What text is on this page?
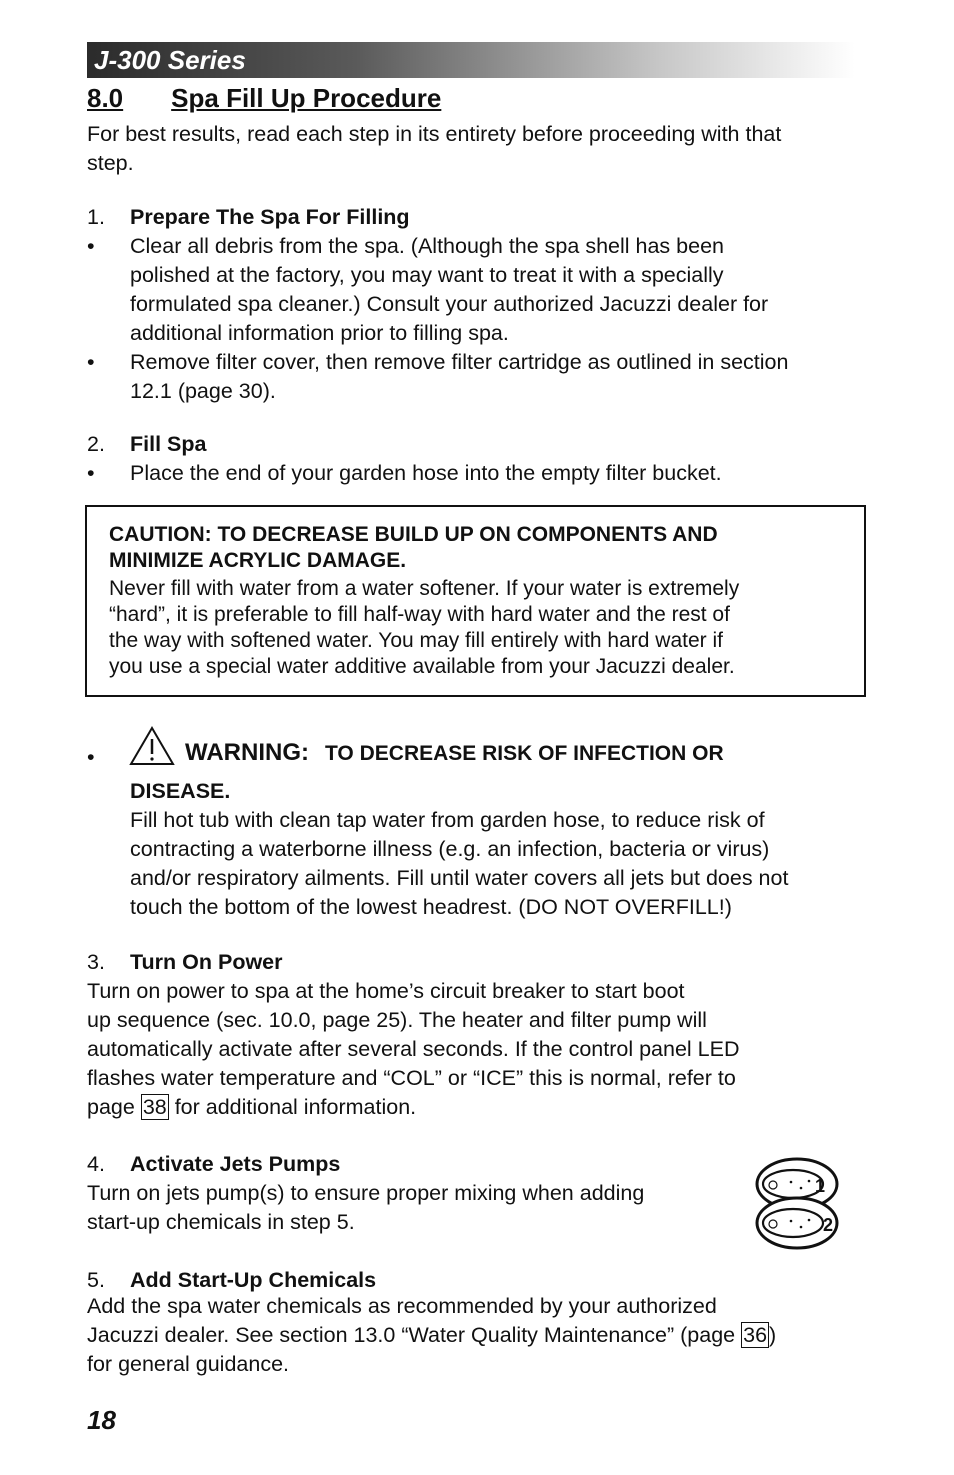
J-300 Series
8.0 Spa Fill Up Procedure
For best results, read each step in its entirety before proceeding with that
step.
1. Prepare The Spa For Filling
• Clear all debris from the spa. (Although the spa shell has been
polished at the factory, you may want to treat it with a specially
formulated spa cleaner.) Consult your authorized Jacuzzi dealer for
additional information prior to filling spa.
• Remove filter cover, then remove filter cartridge as outlined in section
12.1 (page 30).
2. Fill Spa
• Place the end of your garden hose into the empty filter bucket.
CAUTION: TO DECREASE BUILD UP ON COMPONENTS AND
MINIMIZE ACRYLIC DAMAGE.
Never fill with water from a water softener. If your water is extremely
“hard”, it is preferable to fill half-way with hard water and the rest of
the way with softened water. You may fill entirely with hard water if
you use a special water additive available from your Jacuzzi dealer.
•	WARNING: TO DECREASE RISK OF INFECTION OR
DISEASE.
Fill hot tub with clean tap water from garden hose, to reduce risk of
contracting a waterborne illness (e.g. an infection, bacteria or virus)
and/or respiratory ailments. Fill until water covers all jets but does not
touch the bottom of the lowest headrest. (DO NOT OVERFILL!)
3. Turn On Power
Turn on power to spa at the home’s circuit breaker to start boot
up sequence (sec. 10.0, page 25). The heater and filter pump will
automatically activate after several seconds. If the control panel LED
flashes water temperature and “COL” or “ICE” this is normal, refer to
page 38 for additional information.
4. Activate Jets Pumps
Turn on jets pump(s) to ensure proper mixing when adding
start-up chemicals in step 5.
1
2
5. Add Start-Up Chemicals
Add the spa water chemicals as recommended by your authorized
Jacuzzi dealer. See section 13.0 “Water Quality Maintenance” (page 36)
for general guidance.
18
